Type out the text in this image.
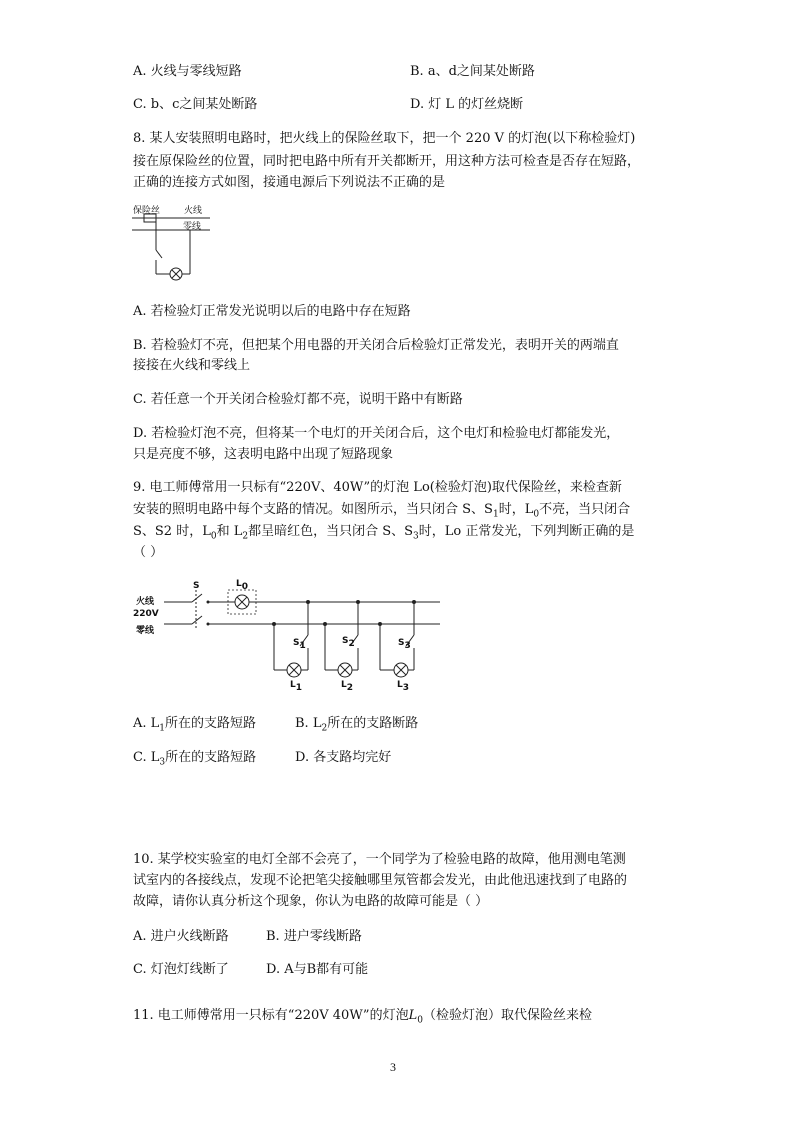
A. 火线与零线短路	B. a、d之间某处断路
C. b、c之间某处断路	D. 灯 L 的灯丝烧断
8. 某人安装照明电路时，把火线上的保险丝取下，把一个 220 V 的灯泡(以下称检验灯)
接在原保险丝的位置，同时把电路中所有开关都断开，用这种方法可检查是否存在短路，
正确的连接方式如图，接通电源后下列说法不正确的是
保险丝	火线
零线
A. 若检验灯正常发光说明以后的电路中存在短路
B. 若检验灯不亮，但把某个用电器的开关闭合后检验灯正常发光，表明开关的两端直
接接在火线和零线上
C. 若任意一个开关闭合检验灯都不亮，说明干路中有断路
D. 若检验灯泡不亮，但将某一个电灯的开关闭合后，这个电灯和检验电灯都能发光，
只是亮度不够，这表明电路中出现了短路现象
9. 电工师傅常用一只标有“220V、40W”的灯泡 Lo(检验灯泡)取代保险丝，来检查新
安装的照明电路中每个支路的情况。如图所示，当只闭合 S、$S_1$时，$L_0$不亮，当只闭合
S、S2 时，$L_0$和 $L_2$都呈暗红色，当只闭合 S、$S_3$时，Lo 正常发光，下列判断正确的是
（ ）
火线
220V
零线
S	$L_0$
$S_1$	$S_2$	$S_3$
$L_1$	$L_2$	$L_3$
A. $L_1$所在的支路短路	B. $L_2$所在的支路断路
C. $L_3$所在的支路短路	D. 各支路均完好
10. 某学校实验室的电灯全部不会亮了，一个同学为了检验电路的故障，他用测电笔测
试室内的各接线点，发现不论把笔尖接触哪里氖管都会发光，由此他迅速找到了电路的
故障，请你认真分析这个现象，你认为电路的故障可能是（ ）
A. 进户火线断路	B. 进户零线断路
C. 灯泡灯线断了	D. A与B都有可能
11. 电工师傅常用一只标有“220V 40W”的灯泡$L_0$（检验灯泡）取代保险丝来检
3
